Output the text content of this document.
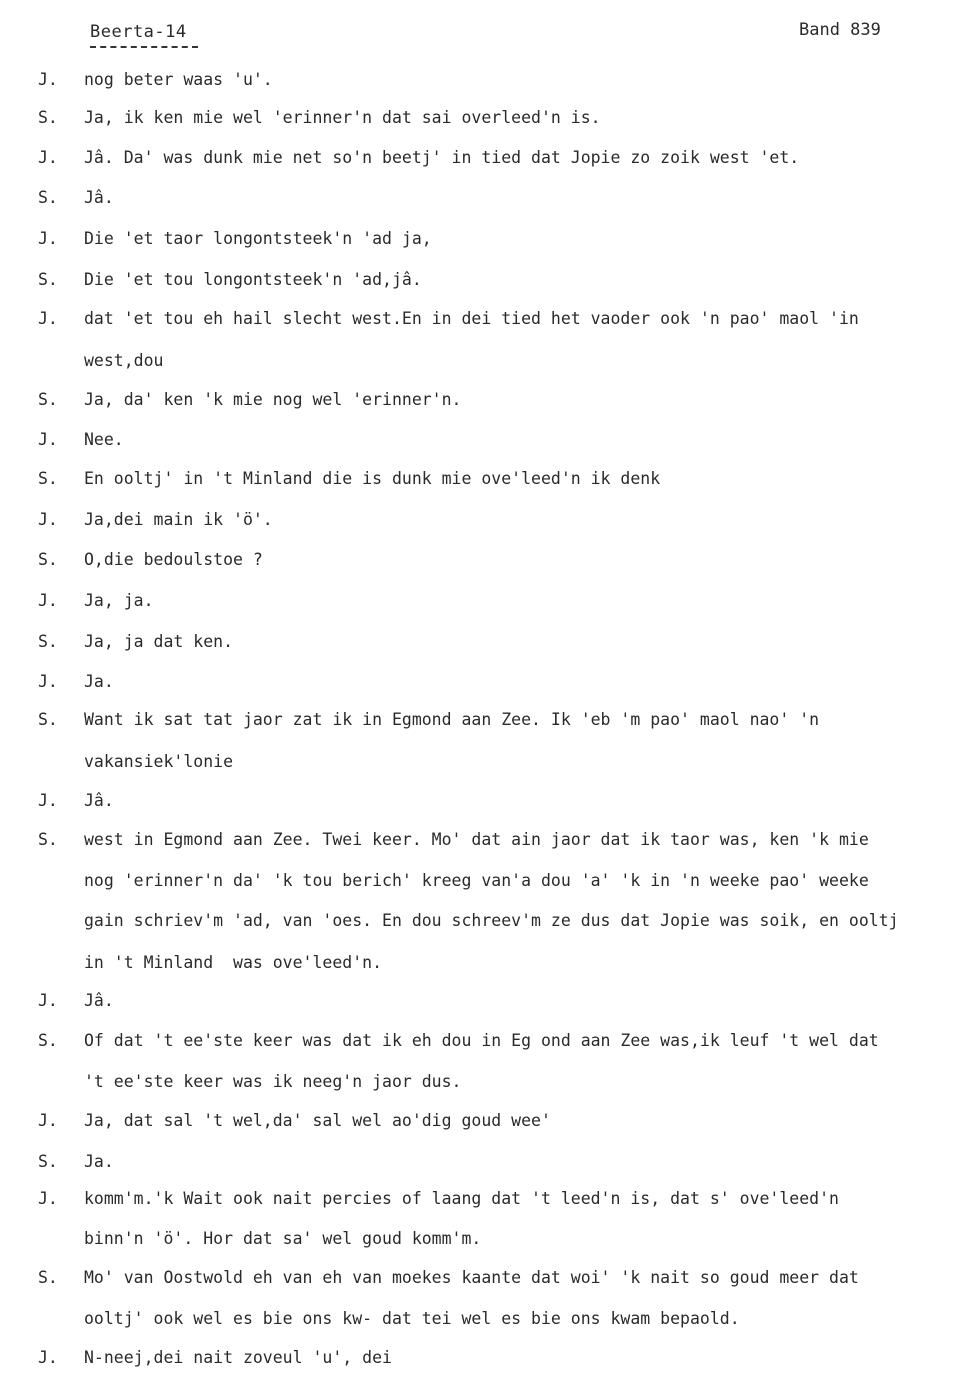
Beerta-14	Band 839
J. nog beter waas 'u'.
S. Ja, ik ken mie wel 'erinner'n dat sai overleed'n is.
J. Jâ. Da' was dunk mie net so'n beetj' in tied dat Jopie zo zoik west 'et.
S. Jâ.
J. Die 'et taor longontsteek'n 'ad ja,
S. Die 'et tou longontsteek'n 'ad,jâ.
J. dat 'et tou eh hail slecht west.En in dei tied het vaoder ook 'n pao' maol 'in
west,dou
S. Ja, da' ken 'k mie nog wel 'erinner'n.
J. Nee.
S. En ooltj' in 't Minland die is dunk mie ove'leed'n ik denk
J. Ja,dei main ik 'ö'.
S. O,die bedoulstoe ?
J. Ja, ja.
S. Ja, ja dat ken.
J. Ja.
S. Want ik sat tat jaor zat ik in Egmond aan Zee. Ik 'eb 'm pao' maol nao' 'n
vakansiek'lonie
J. Jâ.
S. west in Egmond aan Zee. Twei keer. Mo' dat ain jaor dat ik taor was, ken 'k mie
nog 'erinner'n da' 'k tou berich' kreeg van'a dou 'a' 'k in 'n weeke pao' weeke
gain schriev'm 'ad, van 'oes. En dou schreev'm ze dus dat Jopie was soik, en ooltj
in 't Minland  was ove'leed'n.
J. Jâ.
S. Of dat 't ee'ste keer was dat ik eh dou in Eg ond aan Zee was,ik leuf 't wel dat
't ee'ste keer was ik neeg'n jaor dus.
J. Ja, dat sal 't wel,da' sal wel ao'dig goud wee'
S. Ja.
J. komm'm.'k Wait ook nait percies of laang dat 't leed'n is, dat s' ove'leed'n
binn'n 'ö'. Hor dat sa' wel goud komm'm.
S. Mo' van Oostwold eh van eh van moekes kaante dat woi' 'k nait so goud meer dat
ooltj' ook wel es bie ons kw- dat tei wel es bie ons kwam bepaold.
J. N-neej,dei nait zoveul 'u', dei
